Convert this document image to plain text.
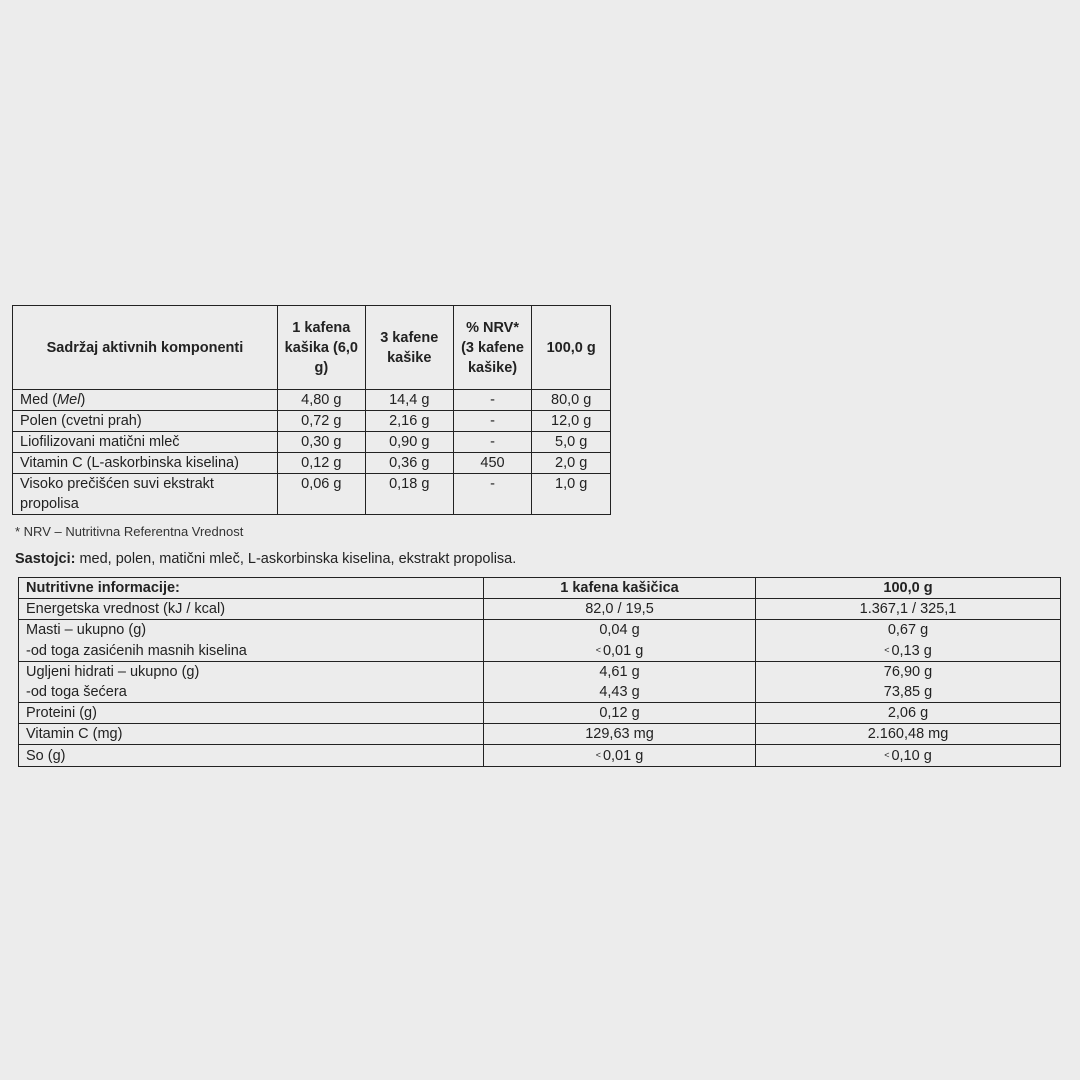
Sadržaj aktivnih komponenti	1 kafena kašika (6,0 g)	3 kafene kašike	% NRV* (3 kafene kašike)	100,0 g
Med (Mel)	4,80 g	14,4 g	-	80,0 g
Polen (cvetni prah)	0,72 g	2,16 g	-	12,0 g
Liofilizovani matični mleč	0,30 g	0,90 g	-	5,0 g
Vitamin C (L-askorbinska kiselina)	0,12 g	0,36 g	450	2,0 g
Visoko prečišćen suvi ekstrakt propolisa	0,06 g	0,18 g	-	1,0 g
* NRV – Nutritivna Referentna Vrednost
Sastojci: med, polen, matični mleč, L-askorbinska kiselina, ekstrakt propolisa.
Nutritivne informacije:	1 kafena kašičica	100,0 g
Energetska vrednost (kJ / kcal)	82,0 / 19,5	1.367,1 / 325,1
Masti – ukupno (g)	0,04 g	0,67 g
-od toga zasićenih masnih kiselina	< 0,01 g	< 0,13 g
Ugljeni hidrati – ukupno (g)	4,61 g	76,90 g
-od toga šećera	4,43 g	73,85 g
Proteini (g)	0,12 g	2,06 g
Vitamin C (mg)	129,63 mg	2.160,48 mg
So (g)	< 0,01 g	< 0,10 g
